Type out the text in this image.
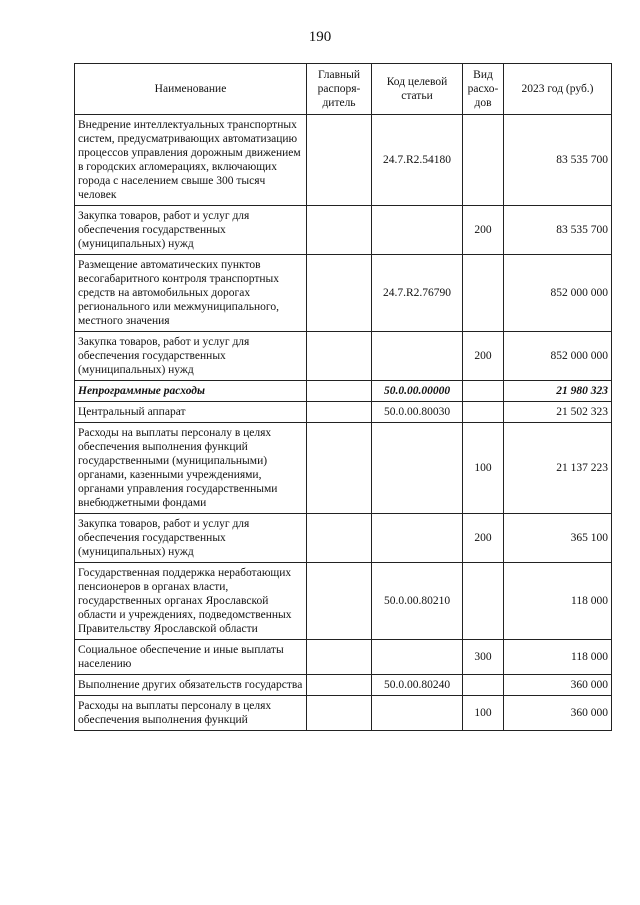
190
Наименование	Главный распоря- дитель	Код целевой статьи	Вид расхо- дов	2023 год (руб.)
Внедрение интеллектуальных транспортных систем, предусматривающих автоматизацию процессов управления дорожным движением в городских агломерациях, включающих города с населением свыше 300 тысяч человек		24.7.R2.54180		83 535 700
Закупка товаров, работ и услуг для обеспечения государственных (муниципальных) нужд			200	83 535 700
Размещение автоматических пунктов весогабаритного контроля транспортных средств на автомобильных дорогах регионального или межмуниципального, местного значения		24.7.R2.76790		852 000 000
Закупка товаров, работ и услуг для обеспечения государственных (муниципальных) нужд			200	852 000 000
Непрограммные расходы		50.0.00.00000		21 980 323
Центральный аппарат		50.0.00.80030		21 502 323
Расходы на выплаты персоналу в целях обеспечения выполнения функций государственными (муниципальными) органами, казенными учреждениями, органами управления государственными внебюджетными фондами			100	21 137 223
Закупка товаров, работ и услуг для обеспечения государственных (муниципальных) нужд			200	365 100
Государственная поддержка неработающих пенсионеров в органах власти, государственных органах Ярославской области и учреждениях, подведомственных Правительству Ярославской области		50.0.00.80210		118 000
Социальное обеспечение и иные выплаты населению			300	118 000
Выполнение других обязательств государства		50.0.00.80240		360 000
Расходы на выплаты персоналу в целях обеспечения выполнения функций			100	360 000
